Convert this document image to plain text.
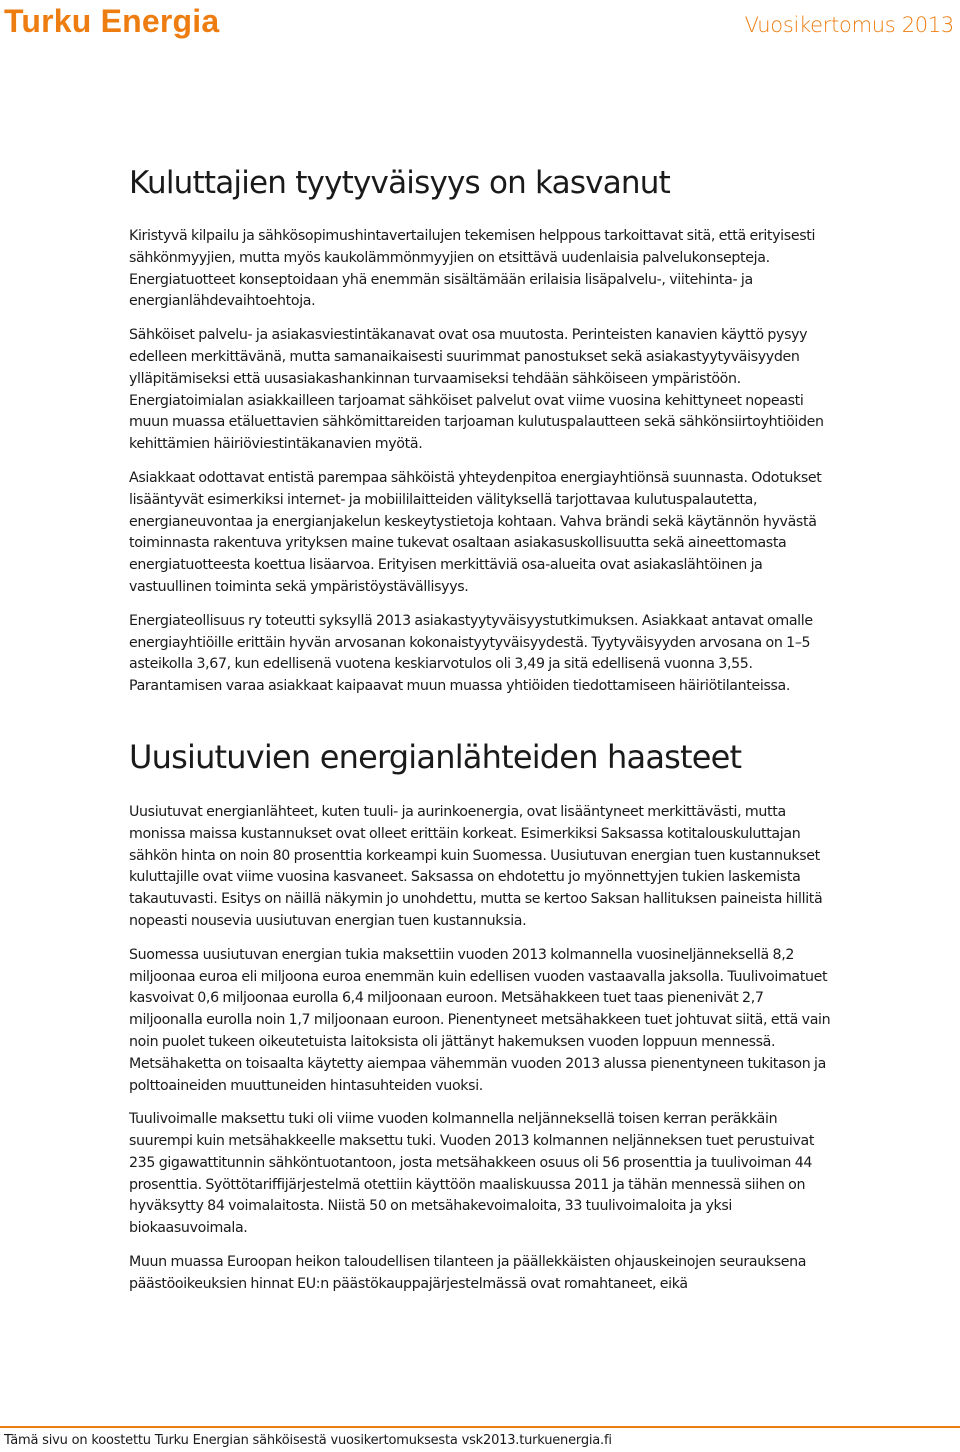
Turku Energia	Vuosikertomus 2013
Kuluttajien tyytyväisyys on kasvanut

Kiristyvä kilpailu ja sähkösopimushintavertailujen tekemisen helppous tarkoittavat sitä, että erityisesti sähkönmyyjien, mutta myös kaukolämmönmyyjien on etsittävä uudenlaisia palvelukonsepteja. Energiatuotteet konseptoidaan yhä enemmän sisältämään erilaisia lisäpalvelu-, viitehinta- ja energianlähdevaihtoehtoja.

Sähköiset palvelu- ja asiakasviestintäkanavat ovat osa muutosta. Perinteisten kanavien käyttö pysyy edelleen merkittävänä, mutta samanaikaisesti suurimmat panostukset sekä asiakastyytyväisyyden ylläpitämiseksi että uusasiakashankinnan turvaamiseksi tehdään sähköiseen ympäristöön. Energiatoimialan asiakkailleen tarjoamat sähköiset palvelut ovat viime vuosina kehittyneet nopeasti muun muassa etäluettavien sähkömittareiden tarjoaman kulutuspalautteen sekä sähkönsiirtoyhtiöiden kehittämien häiriöviestintäkanavien myötä.

Asiakkaat odottavat entistä parempaa sähköistä yhteydenpitoa energiayhtiönsä suunnasta. Odotukset lisääntyvät esimerkiksi internet- ja mobiililaitteiden välityksellä tarjottavaa kulutuspalautetta, energianeuvontaa ja energianjakelun keskeytystietoja kohtaan. Vahva brändi sekä käytännön hyvästä toiminnasta rakentuva yrityksen maine tukevat osaltaan asiakasuskollisuutta sekä aineettomasta energiatuotteesta koettua lisäarvoa. Erityisen merkittäviä osa-alueita ovat asiakaslähtöinen ja vastuullinen toiminta sekä ympäristöystävällisyys.

Energiateollisuus ry toteutti syksyllä 2013 asiakastyytyväisyystutkimuksen. Asiakkaat antavat omalle energiayhtiöille erittäin hyvän arvosanan kokonaistyytyväisyydestä. Tyytyväisyyden arvosana on 1–5 asteikolla 3,67, kun edellisenä vuotena keskiarvotulos oli 3,49 ja sitä edellisenä vuonna 3,55. Parantamisen varaa asiakkaat kaipaavat muun muassa yhtiöiden tiedottamiseen häiriötilanteissa.

Uusiutuvien energianlähteiden haasteet

Uusiutuvat energianlähteet, kuten tuuli- ja aurinkoenergia, ovat lisääntyneet merkittävästi, mutta monissa maissa kustannukset ovat olleet erittäin korkeat. Esimerkiksi Saksassa kotitalouskuluttajan sähkön hinta on noin 80 prosenttia korkeampi kuin Suomessa. Uusiutuvan energian tuen kustannukset kuluttajille ovat viime vuosina kasvaneet. Saksassa on ehdotettu jo myönnettyjen tukien laskemista takautuvasti. Esitys on näillä näkymin jo unohdettu, mutta se kertoo Saksan hallituksen paineista hillitä nopeasti nousevia uusiutuvan energian tuen kustannuksia.

Suomessa uusiutuvan energian tukia maksettiin vuoden 2013 kolmannella vuosineljänneksellä 8,2 miljoonaa euroa eli miljoona euroa enemmän kuin edellisen vuoden vastaavalla jaksolla. Tuulivoimatuet kasvoivat 0,6 miljoonaa eurolla 6,4 miljoonaan euroon. Metsähakkeen tuet taas pienenivät 2,7 miljoonalla eurolla noin 1,7 miljoonaan euroon. Pienentyneet metsähakkeen tuet johtuvat siitä, että vain noin puolet tukeen oikeutetuista laitoksista oli jättänyt hakemuksen vuoden loppuun mennessä. Metsähaketta on toisaalta käytetty aiempaa vähemmän vuoden 2013 alussa pienentyneen tukitason ja polttoaineiden muuttuneiden hintasuhteiden vuoksi.

Tuulivoimalle maksettu tuki oli viime vuoden kolmannella neljänneksellä toisen kerran peräkkäin suurempi kuin metsähakkeelle maksettu tuki. Vuoden 2013 kolmannen neljänneksen tuet perustuivat 235 gigawattitunnin sähköntuotantoon, josta metsähakkeen osuus oli 56 prosenttia ja tuulivoiman 44 prosenttia. Syöttötariffijärjestelmä otettiin käyttöön maaliskuussa 2011 ja tähän mennessä siihen on hyväksytty 84 voimalaitosta. Niistä 50 on metsähakevoimaloita, 33 tuulivoimaloita ja yksi biokaasuvoimala.

Muun muassa Euroopan heikon taloudellisen tilanteen ja päällekkäisten ohjauskeinojen seurauksena päästöoikeuksien hinnat EU:n päästökauppajärjestelmässä ovat romahtaneet, eikä

Tämä sivu on koostettu Turku Energian sähköisestä vuosikertomuksesta vsk2013.turkuenergia.fi
